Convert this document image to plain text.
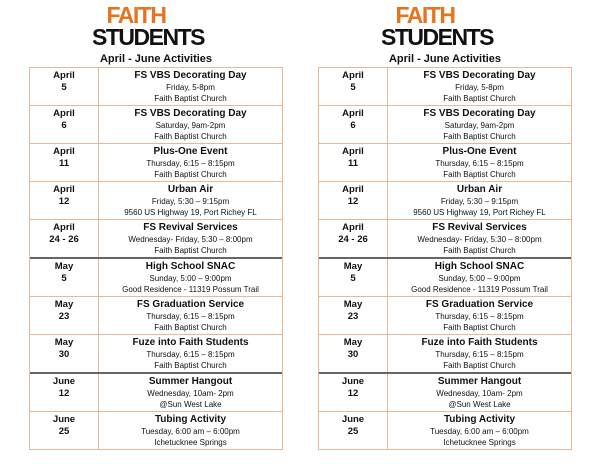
FAITH
STUDENTS
April - June Activities
April
5
FS VBS Decorating Day
Friday, 5-8pm
Faith Baptist Church
April
6
FS VBS Decorating Day
Saturday, 9am-2pm
Faith Baptist Church
April
11
Plus-One Event
Thursday, 6:15 – 8:15pm
Faith Baptist Church
April
12
Urban Air
Friday, 5:30 – 9:15pm
9560 US Highway 19, Port Richey FL
April
24 - 26
FS Revival Services
Wednesday- Friday, 5:30 – 8:00pm
Faith Baptist Church
May
5
High School SNAC
Sunday, 5:00 – 9:00pm
Good Residence - 11319 Possum Trail
May
23
FS Graduation Service
Thursday, 6:15 – 8:15pm
Faith Baptist Church
May
30
Fuze into Faith Students
Thursday, 6:15 – 8:15pm
Faith Baptist Church
June
12
Summer Hangout
Wednesday, 10am- 2pm
@Sun West Lake
June
25
Tubing Activity
Tuesday, 6:00 am – 6:00pm
Ichetucknee Springs
FAITH
STUDENTS
April - June Activities
April
5
FS VBS Decorating Day
Friday, 5-8pm
Faith Baptist Church
April
6
FS VBS Decorating Day
Saturday, 9am-2pm
Faith Baptist Church
April
11
Plus-One Event
Thursday, 6:15 – 8:15pm
Faith Baptist Church
April
12
Urban Air
Friday, 5:30 – 9:15pm
9560 US Highway 19, Port Richey FL
April
24 - 26
FS Revival Services
Wednesday- Friday, 5:30 – 8:00pm
Faith Baptist Church
May
5
High School SNAC
Sunday, 5:00 – 9:00pm
Good Residence - 11319 Possum Trail
May
23
FS Graduation Service
Thursday, 6:15 – 8:15pm
Faith Baptist Church
May
30
Fuze into Faith Students
Thursday, 6:15 – 8:15pm
Faith Baptist Church
June
12
Summer Hangout
Wednesday, 10am- 2pm
@Sun West Lake
June
25
Tubing Activity
Tuesday, 6:00 am – 6:00pm
Ichetucknee Springs
